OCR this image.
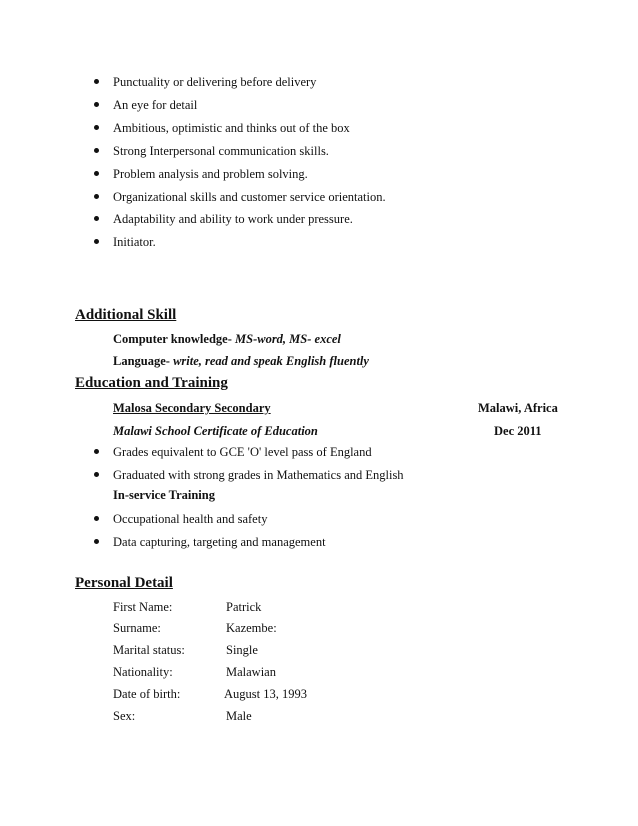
Punctuality or delivering before delivery
An eye for detail
Ambitious, optimistic and thinks out of the box
Strong Interpersonal communication skills.
Problem analysis and problem solving.
Organizational skills and customer service orientation.
Adaptability and ability to work under pressure.
Initiator.
Additional Skill
Computer knowledge- MS-word, MS- excel
Language- write, read and speak English fluently
Education and Training
Malosa Secondary Secondary	Malawi, Africa
Malawi School Certificate of Education	Dec 2011
Grades equivalent to GCE 'O' level pass of England
Graduated with strong grades in Mathematics and English
In-service Training
Occupational health and safety
Data capturing, targeting and management
Personal Detail
First Name:	Patrick
Surname:	Kazembe:
Marital status:	Single
Nationality:	Malawian
Date of birth:	August 13, 1993
Sex:	Male
